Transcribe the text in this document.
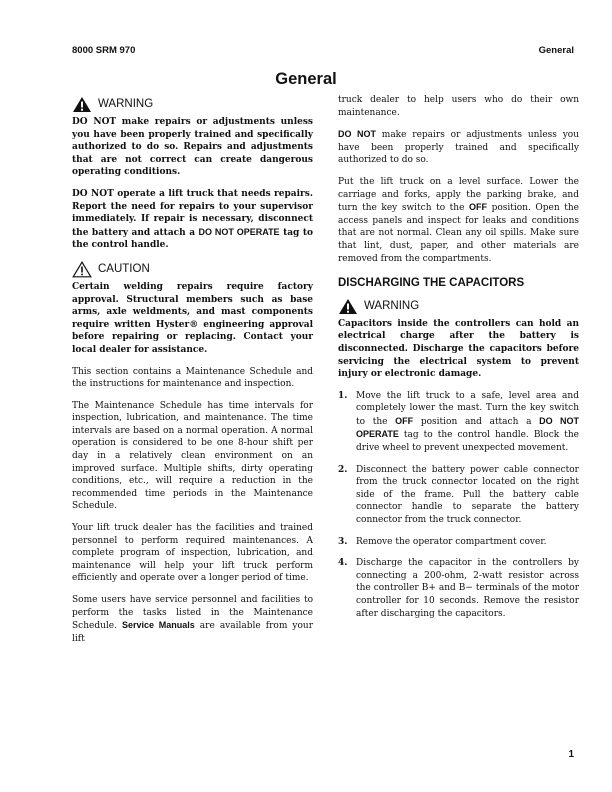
8000 SRM 970	General
General
WARNING

DO NOT make repairs or adjustments unless you have been properly trained and specifically authorized to do so. Repairs and adjustments that are not correct can create dangerous operating conditions.

DO NOT operate a lift truck that needs repairs. Report the need for repairs to your supervisor immediately. If repair is necessary, disconnect the battery and attach a DO NOT OPERATE tag to the control handle.

CAUTION

Certain welding repairs require factory approval. Structural members such as base arms, axle weldments, and mast components require written Hyster® engineering approval before repairing or replacing. Contact your local dealer for assistance.

This section contains a Maintenance Schedule and the instructions for maintenance and inspection.

The Maintenance Schedule has time intervals for inspection, lubrication, and maintenance. The time intervals are based on a normal operation. A normal operation is considered to be one 8-hour shift per day in a relatively clean environment on an improved surface. Multiple shifts, dirty operating conditions, etc., will require a reduction in the recommended time periods in the Maintenance Schedule.

Your lift truck dealer has the facilities and trained personnel to perform required maintenances. A complete program of inspection, lubrication, and maintenance will help your lift truck perform efficiently and operate over a longer period of time.

Some users have service personnel and facilities to perform the tasks listed in the Maintenance Schedule. Service Manuals are available from your lift

truck dealer to help users who do their own maintenance.

DO NOT make repairs or adjustments unless you have been properly trained and specifically authorized to do so.

Put the lift truck on a level surface. Lower the carriage and forks, apply the parking brake, and turn the key switch to the OFF position. Open the access panels and inspect for leaks and conditions that are not normal. Clean any oil spills. Make sure that lint, dust, paper, and other materials are removed from the compartments.

DISCHARGING THE CAPACITORS
WARNING

Capacitors inside the controllers can hold an electrical charge after the battery is disconnected. Discharge the capacitors before servicing the electrical system to prevent injury or electronic damage.

1. Move the lift truck to a safe, level area and completely lower the mast. Turn the key switch to the OFF position and attach a DO NOT OPERATE tag to the control handle. Block the drive wheel to prevent unexpected movement.
2. Disconnect the battery power cable connector from the truck connector located on the right side of the frame. Pull the battery cable connector handle to separate the battery connector from the truck connector.
3. Remove the operator compartment cover.
4. Discharge the capacitor in the controllers by connecting a 200-ohm, 2-watt resistor across the controller B+ and B− terminals of the motor controller for 10 seconds. Remove the resistor after discharging the capacitors.
1
